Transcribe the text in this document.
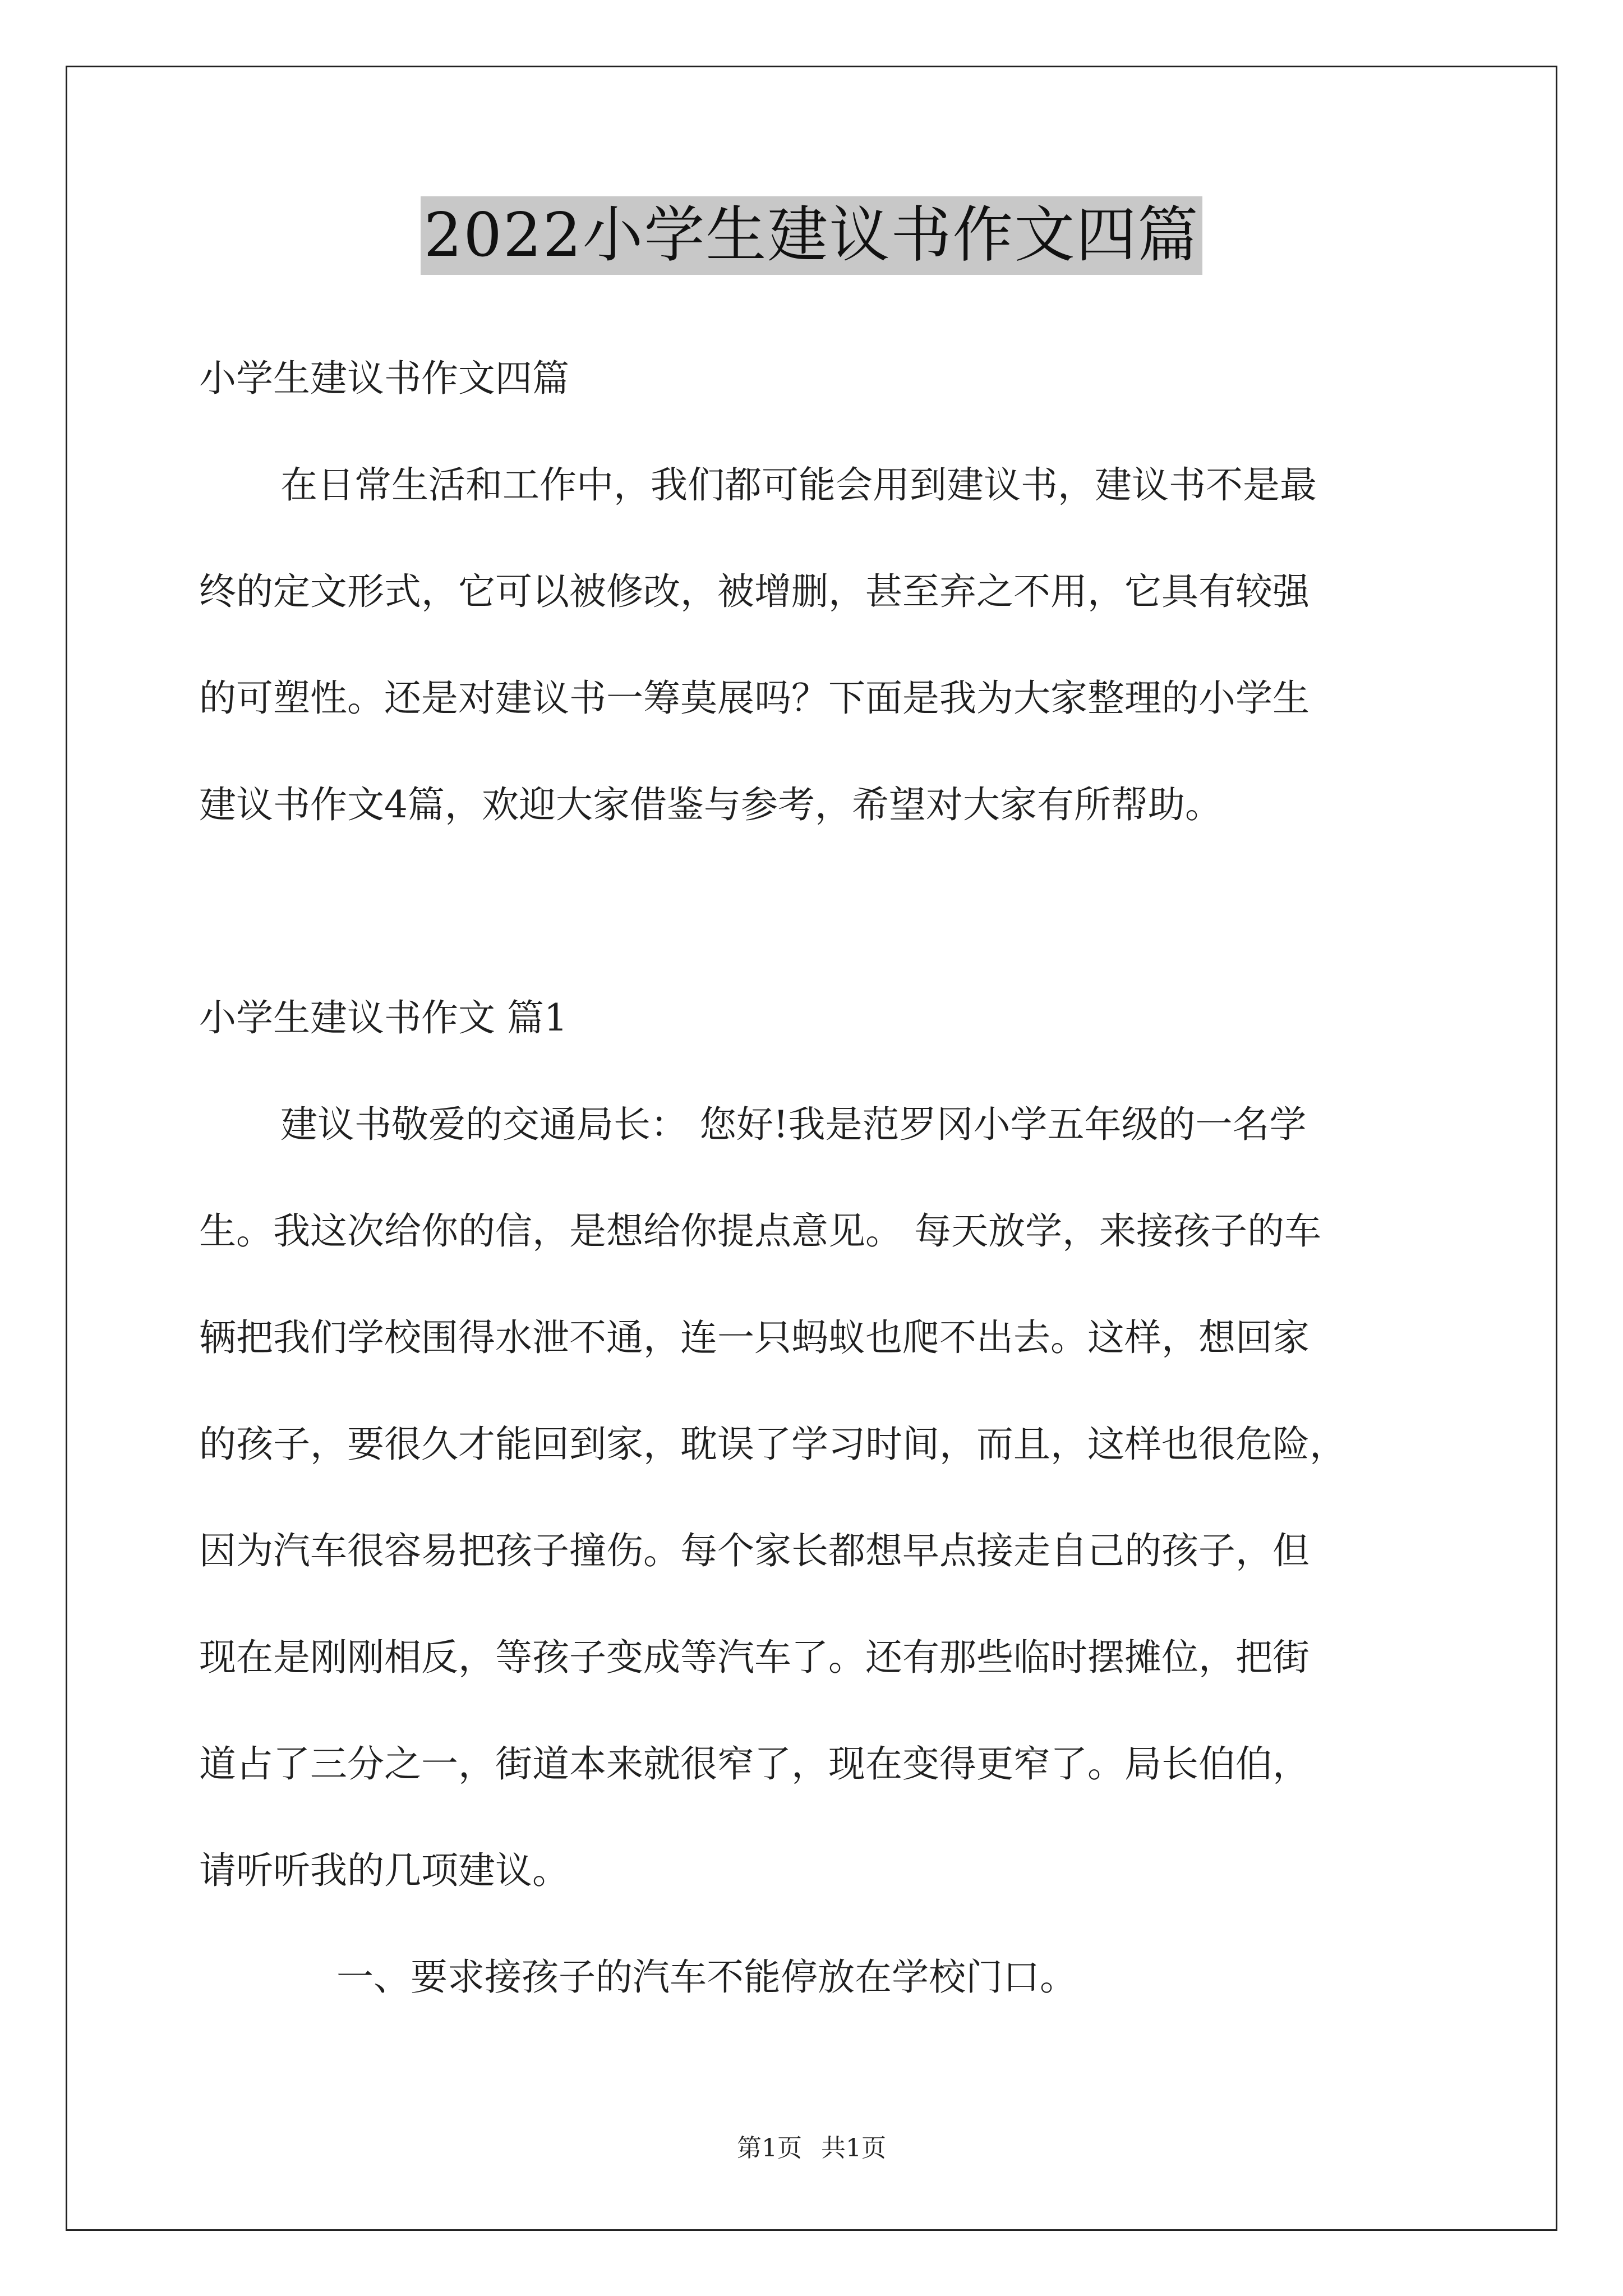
2022小学生建议书作文四篇
小学生建议书作文四篇
在日常生活和工作中，我们都可能会用到建议书，建议书不是最
终的定文形式，它可以被修改，被增删，甚至弃之不用，它具有较强
的可塑性。还是对建议书一筹莫展吗？下面是我为大家整理的小学生
建议书作文4篇，欢迎大家借鉴与参考，希望对大家有所帮助。
小学生建议书作文 篇1
建议书敬爱的交通局长： 您好!我是范罗冈小学五年级的一名学
生。我这次给你的信，是想给你提点意见。 每天放学，来接孩子的车
辆把我们学校围得水泄不通，连一只蚂蚁也爬不出去。这样，想回家
的孩子，要很久才能回到家，耽误了学习时间，而且，这样也很危险，
因为汽车很容易把孩子撞伤。每个家长都想早点接走自己的孩子，但
现在是刚刚相反，等孩子变成等汽车了。还有那些临时摆摊位，把街
道占了三分之一，街道本来就很窄了，现在变得更窄了。局长伯伯，
请听听我的几项建议。
一、要求接孩子的汽车不能停放在学校门口。
第1页 共1页
